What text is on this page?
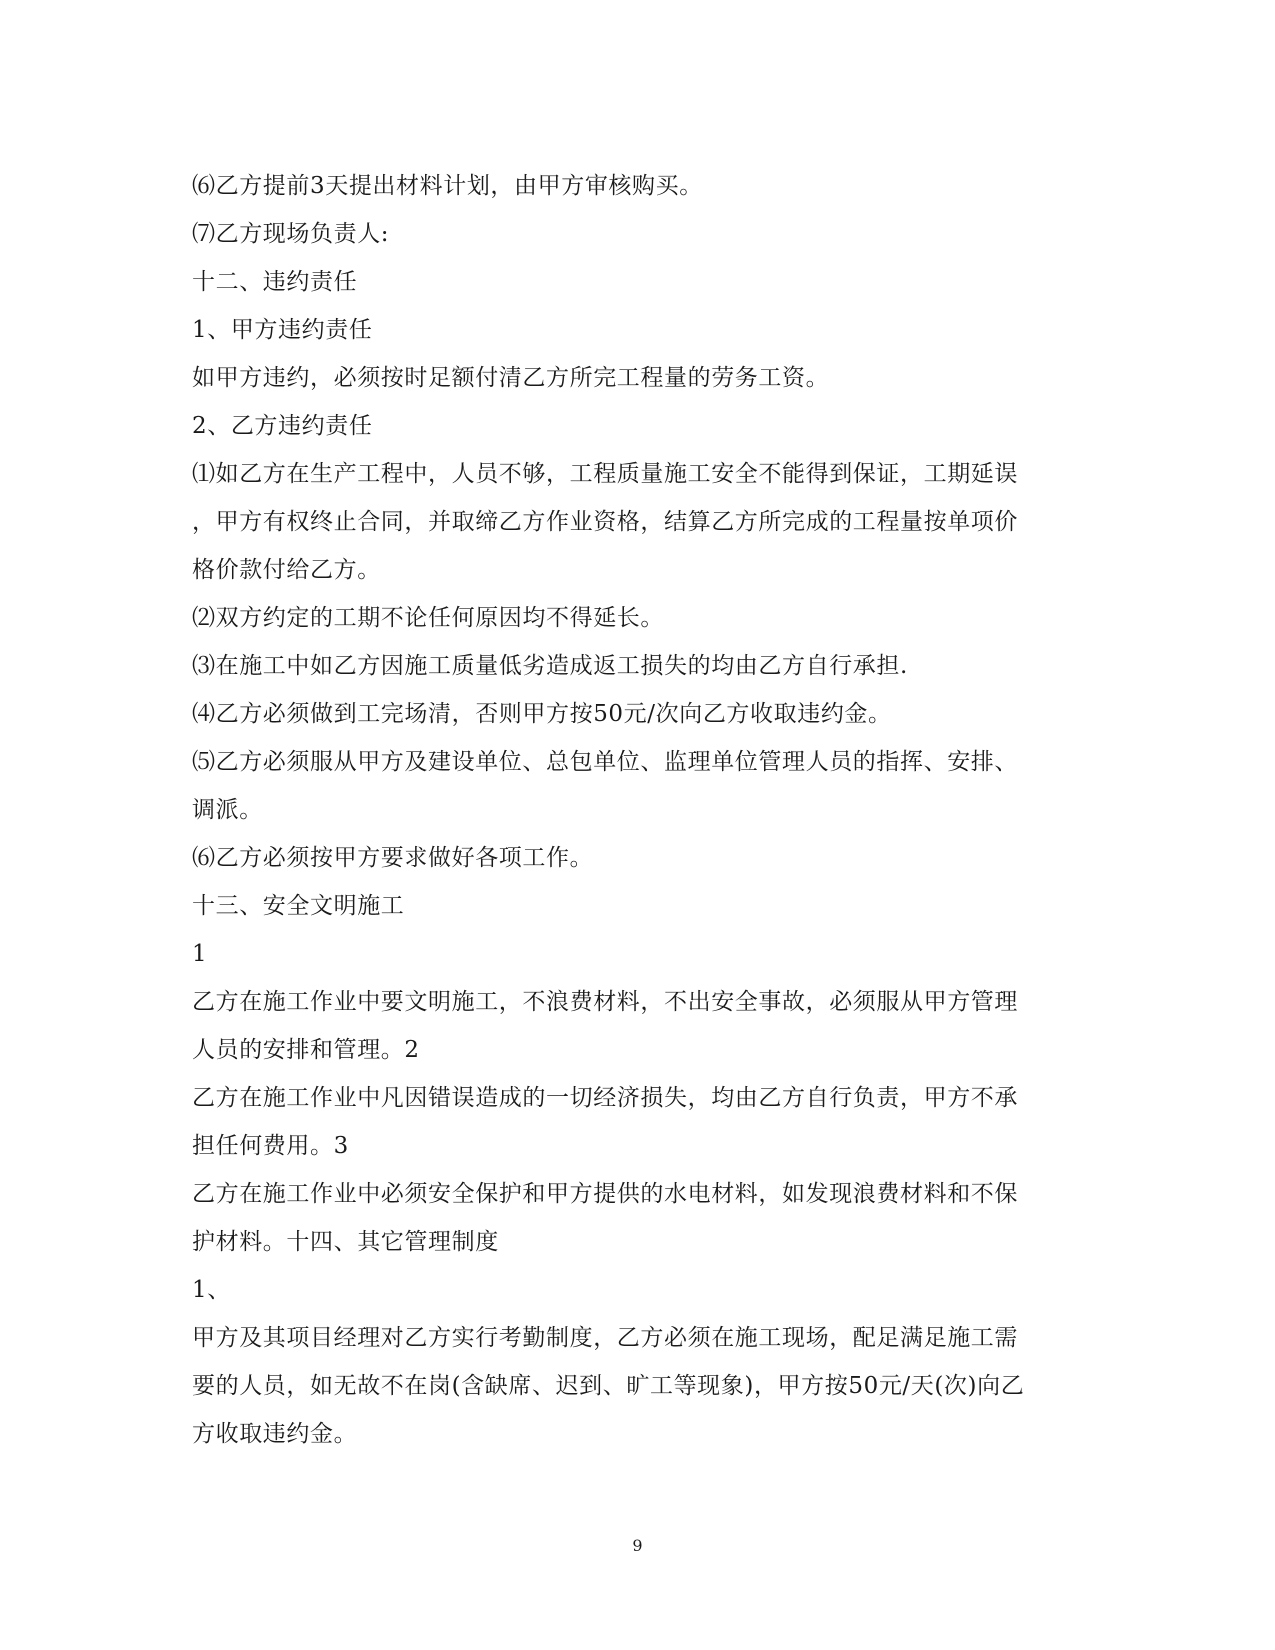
⑹乙方提前3天提出材料计划，由甲方审核购买。
⑺乙方现场负责人:
十二、违约责任
1、甲方违约责任
如甲方违约，必须按时足额付清乙方所完工程量的劳务工资。
2、乙方违约责任
⑴如乙方在生产工程中，人员不够，工程质量施工安全不能得到保证，工期延误
，甲方有权终止合同，并取缔乙方作业资格，结算乙方所完成的工程量按单项价
格价款付给乙方。
⑵双方约定的工期不论任何原因均不得延长。
⑶在施工中如乙方因施工质量低劣造成返工损失的均由乙方自行承担.
⑷乙方必须做到工完场清，否则甲方按50元/次向乙方收取违约金。
⑸乙方必须服从甲方及建设单位、总包单位、监理单位管理人员的指挥、安排、
调派。
⑹乙方必须按甲方要求做好各项工作。
十三、安全文明施工
1
乙方在施工作业中要文明施工，不浪费材料，不出安全事故，必须服从甲方管理
人员的安排和管理。2
乙方在施工作业中凡因错误造成的一切经济损失，均由乙方自行负责，甲方不承
担任何费用。3
乙方在施工作业中必须安全保护和甲方提供的水电材料，如发现浪费材料和不保
护材料。十四、其它管理制度
1、
甲方及其项目经理对乙方实行考勤制度，乙方必须在施工现场，配足满足施工需
要的人员，如无故不在岗(含缺席、迟到、旷工等现象)，甲方按50元/天(次)向乙
方收取违约金。
9
